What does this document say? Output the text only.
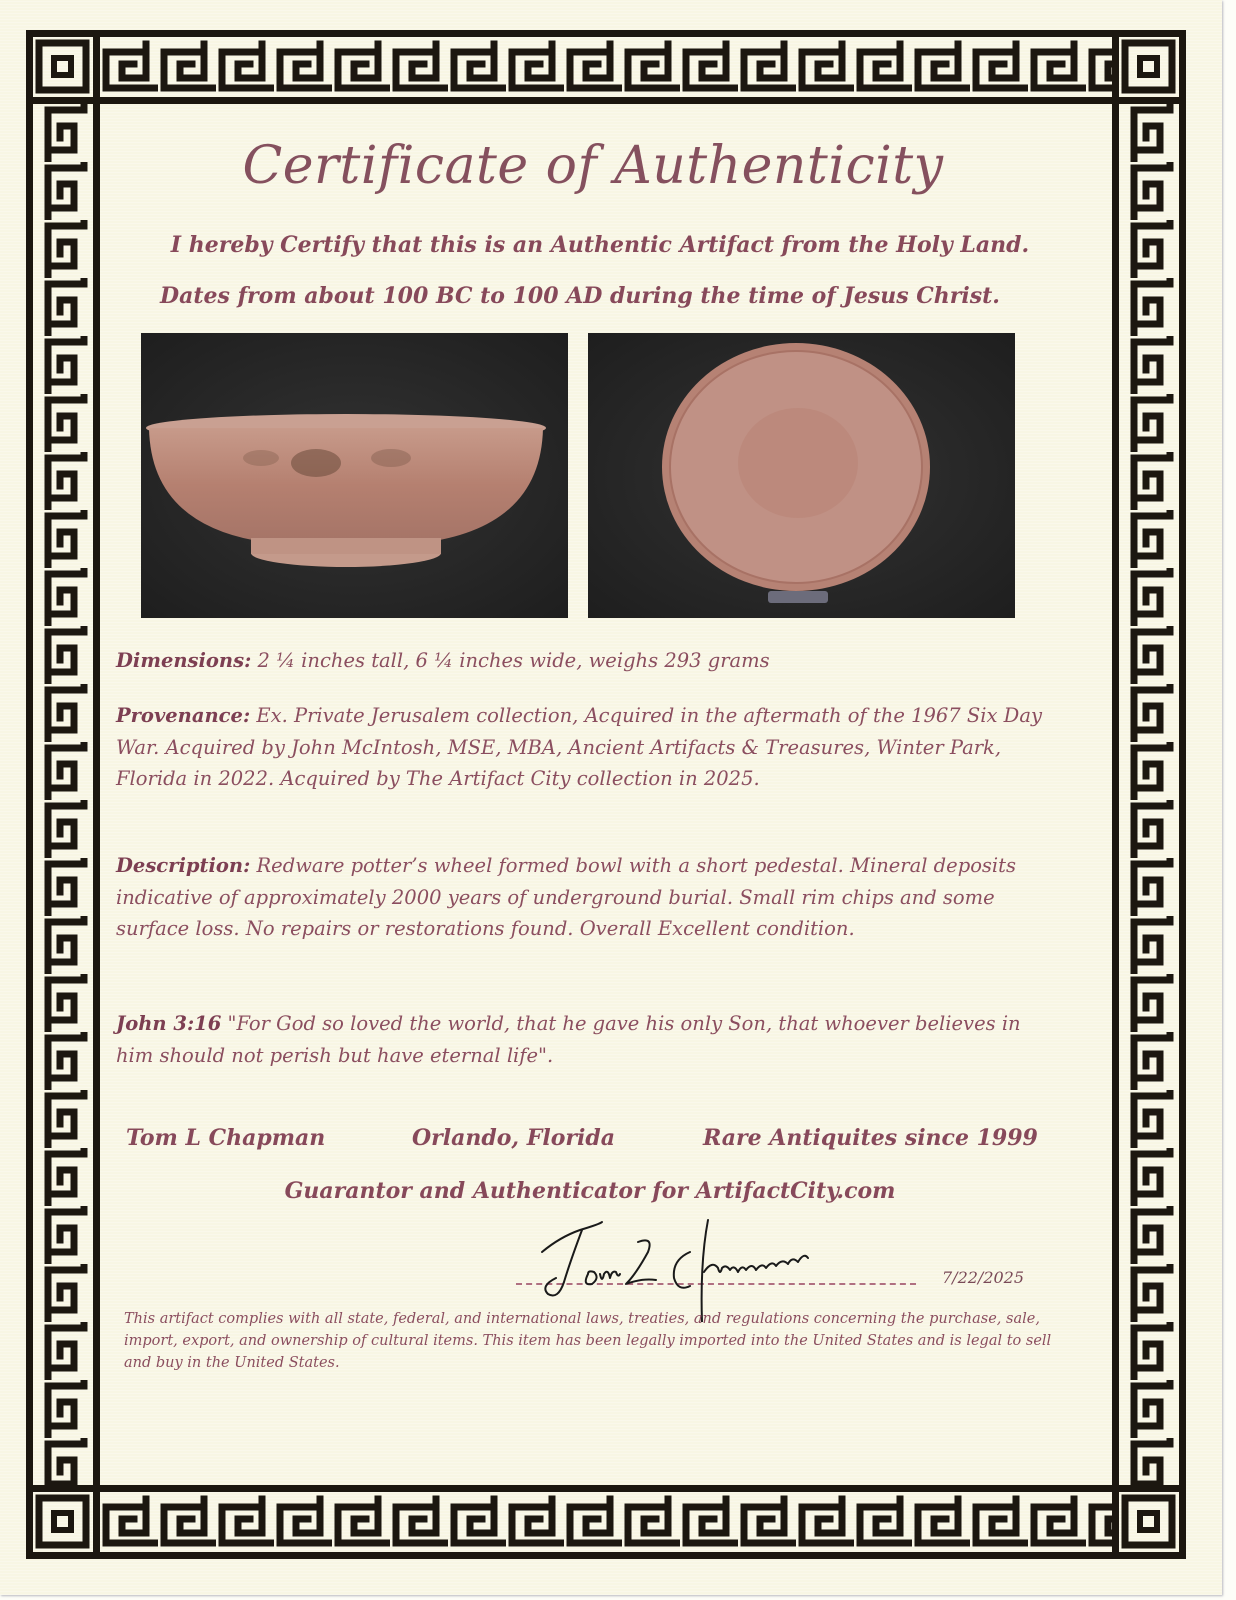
Certificate of Authenticity
I hereby Certify that this is an Authentic Artifact from the Holy Land.
Dates from about 100 BC to 100 AD during the time of Jesus Christ.
Dimensions: 2 ¼ inches tall, 6 ¼ inches wide, weighs 293 grams
Provenance: Ex. Private Jerusalem collection, Acquired in the aftermath of the 1967 Six Day War. Acquired by John McIntosh, MSE, MBA, Ancient Artifacts & Treasures, Winter Park, Florida in 2022. Acquired by The Artifact City collection in 2025.
Description: Redware potter’s wheel formed bowl with a short pedestal. Mineral deposits indicative of approximately 2000 years of underground burial. Small rim chips and some surface loss. No repairs or restorations found. Overall Excellent condition.
John 3:16 "For God so loved the world, that he gave his only Son, that whoever believes in him should not perish but have eternal life".
Tom L Chapman	Orlando, Florida	Rare Antiquites since 1999
Guarantor and Authenticator for ArtifactCity.com
7/22/2025
This artifact complies with all state, federal, and international laws, treaties, and regulations concerning the purchase, sale, import, export, and ownership of cultural items. This item has been legally imported into the United States and is legal to sell and buy in the United States.
